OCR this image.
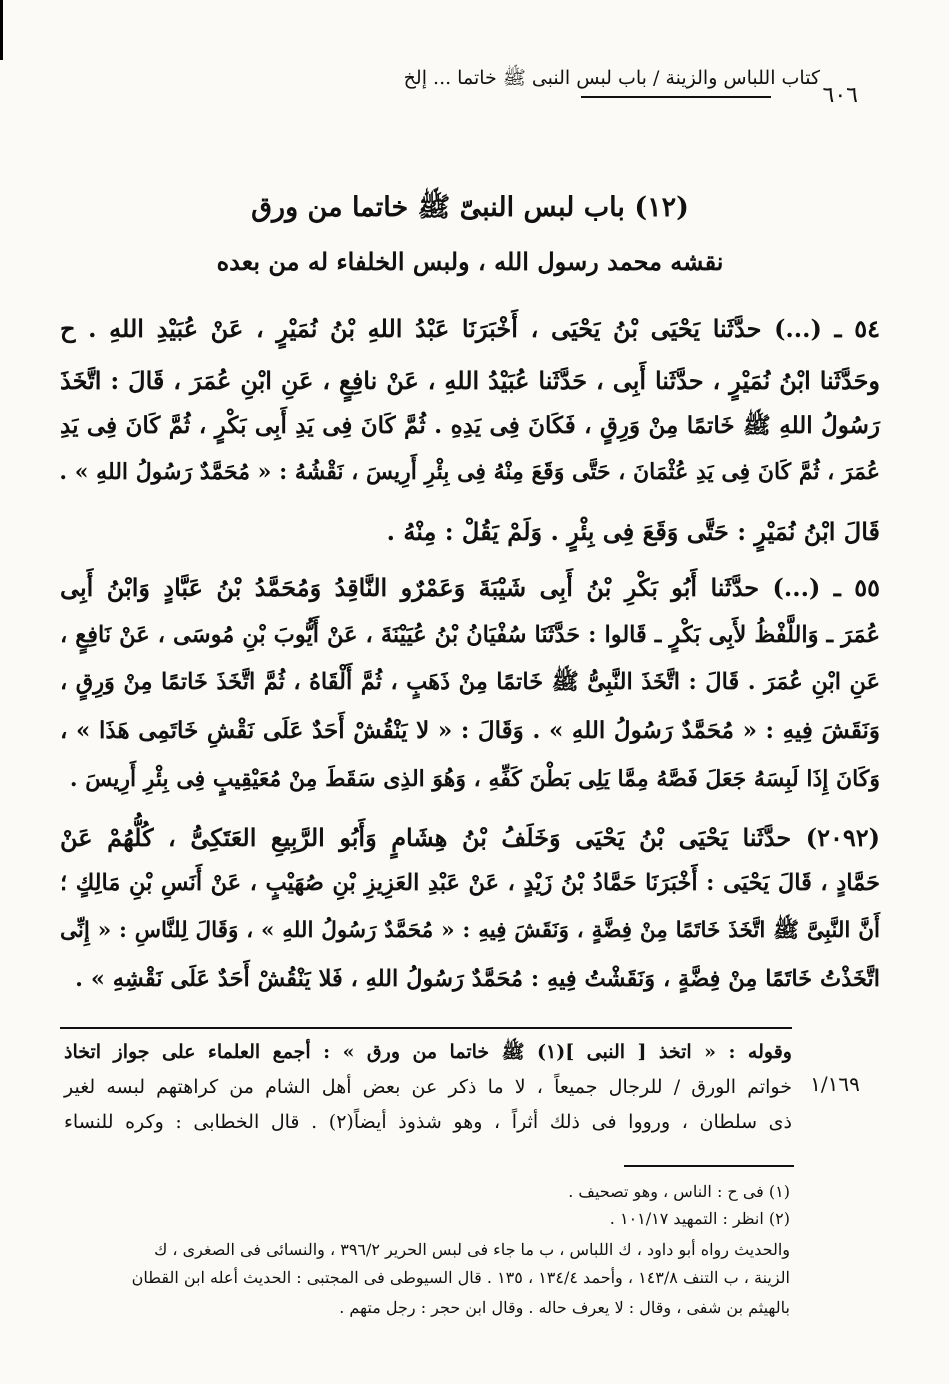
كتاب اللباس والزينة / باب لبس النبى ﷺ خاتما ... إلخ
٦٠٦
(١٢) باب لبس النبىّ ﷺ خاتما من ورق
نقشه محمد رسول الله ، ولبس الخلفاء له من بعده
٥٤ ـ (...) حدَّثَنا يَحْيَى بْنُ يَحْيَى ، أَخْبَرَنَا عَبْدُ اللهِ بْنُ نُمَيْرٍ ، عَنْ عُبَيْدِ اللهِ . ح
وحَدَّثَنا ابْنُ نُمَيْرٍ ، حدَّثَنا أَبِى ، حَدَّثَنا عُبَيْدُ اللهِ ، عَنْ نافِعٍ ، عَنِ ابْنِ عُمَرَ ، قَالَ : اتَّخَذَ
رَسُولُ اللهِ ﷺ خَاتمًا مِنْ وَرِقٍ ، فَكَانَ فِى يَدِهِ . ثُمَّ كَانَ فِى يَدِ أَبِى بَكْرٍ ، ثُمَّ كَانَ فِى يَدِ
عُمَرَ ، ثُمَّ كَانَ فِى يَدِ عُثْمَانَ ، حَتَّى وَقَعَ مِنْهُ فِى بِئْرِ أَرِيسَ ، نَقْشُهُ : « مُحَمَّدٌ رَسُولُ اللهِ » .
قَالَ ابْنُ نُمَيْرٍ : حَتَّى وَقَعَ فِى بِئْرٍ . وَلَمْ يَقُلْ : مِنْهُ .
٥٥ ـ (...) حدَّثَنا أَبُو بَكْرِ بْنُ أَبِى شَيْبَةَ وَعَمْرٌو النَّاقِدُ وَمُحَمَّدُ بْنُ عَبَّادٍ وَابْنُ أَبِى
عُمَرَ ـ وَاللَّفْظُ لأَبِى بَكْرٍ ـ قَالوا : حَدَّثَنَا سُفْيَانُ بْنُ عُيَيْنَةَ ، عَنْ أَيُّوبَ بْنِ مُوسَى ، عَنْ نَافِعٍ ،
عَنِ ابْنِ عُمَرَ . قَالَ : اتَّخَذَ النَّبِىُّ ﷺ خَاتمًا مِنْ ذَهَبٍ ، ثُمَّ أَلْقَاهُ ، ثُمَّ اتَّخَذَ خَاتمًا مِنْ وَرِقٍ ،
وَنَقَشَ فِيهِ : « مُحَمَّدٌ رَسُولُ اللهِ » . وَقَالَ : « لا يَنْقُشْ أَحَدٌ عَلَى نَقْشِ خَاتَمِى هَذَا » ،
وَكَانَ إِذَا لَبِسَهُ جَعَلَ فَصَّهُ مِمَّا يَلِى بَطْنَ كَفِّهِ ، وَهُوَ الذِى سَقَطَ مِنْ مُعَيْقِيبٍ فِى بِئْرِ أَرِيسَ .
(٢٠٩٢) حدَّثَنا يَحْيَى بْنُ يَحْيَى وَخَلَفُ بْنُ هِشَامٍ وَأَبُو الرَّبِيعِ العَتَكِىُّ ، كُلُّهُمْ عَنْ
حَمَّادٍ ، قَالَ يَحْيَى : أَخْبَرَنَا حَمَّادُ بْنُ زَيْدٍ ، عَنْ عَبْدِ العَزِيزِ بْنِ صُهَيْبٍ ، عَنْ أَنَسِ بْنِ مَالِكٍ ؛
أَنَّ النَّبِىَّ ﷺ اتَّخَذَ خَاتَمًا مِنْ فِضَّةٍ ، وَنَقَشَ فِيهِ : « مُحَمَّدٌ رَسُولُ اللهِ » ، وَقَالَ لِلنَّاسِ : « إِنِّى
اتَّخَذْتُ خَاتَمًا مِنْ فِضَّةٍ ، وَنَقَشْتُ فِيهِ : مُحَمَّدٌ رَسُولُ اللهِ ، فَلا يَنْقُشْ أَحَدٌ عَلَى نَقْشِهِ » .
وقوله : « اتخذ [ النبى ](١) ﷺ خاتما من ورق » : أجمع العلماء على جواز اتخاذ
خواتم الورق / للرجال جميعاً ، لا ما ذكر عن بعض أهل الشام من كراهتهم لبسه لغير
ذى سلطان ، ورووا فى ذلك أثراً ، وهو شذوذ أيضاً(٢) . قال الخطابى : وكره للنساء
١/١٦٩
(١) فى ح : الناس ، وهو تصحيف .
(٢) انظر : التمهيد ١٠١/١٧ .
والحديث رواه أبو داود ، ك اللباس ، ب ما جاء فى لبس الحرير ٣٩٦/٢ ، والنسائى فى الصغرى ، ك
الزينة ، ب التنف ١٤٣/٨ ، وأحمد ١٣٤/٤ ، ١٣٥ . قال السيوطى فى المجتبى : الحديث أعله ابن القطان
بالهيثم بن شفى ، وقال : لا يعرف حاله . وقال ابن حجر : رجل متهم .
